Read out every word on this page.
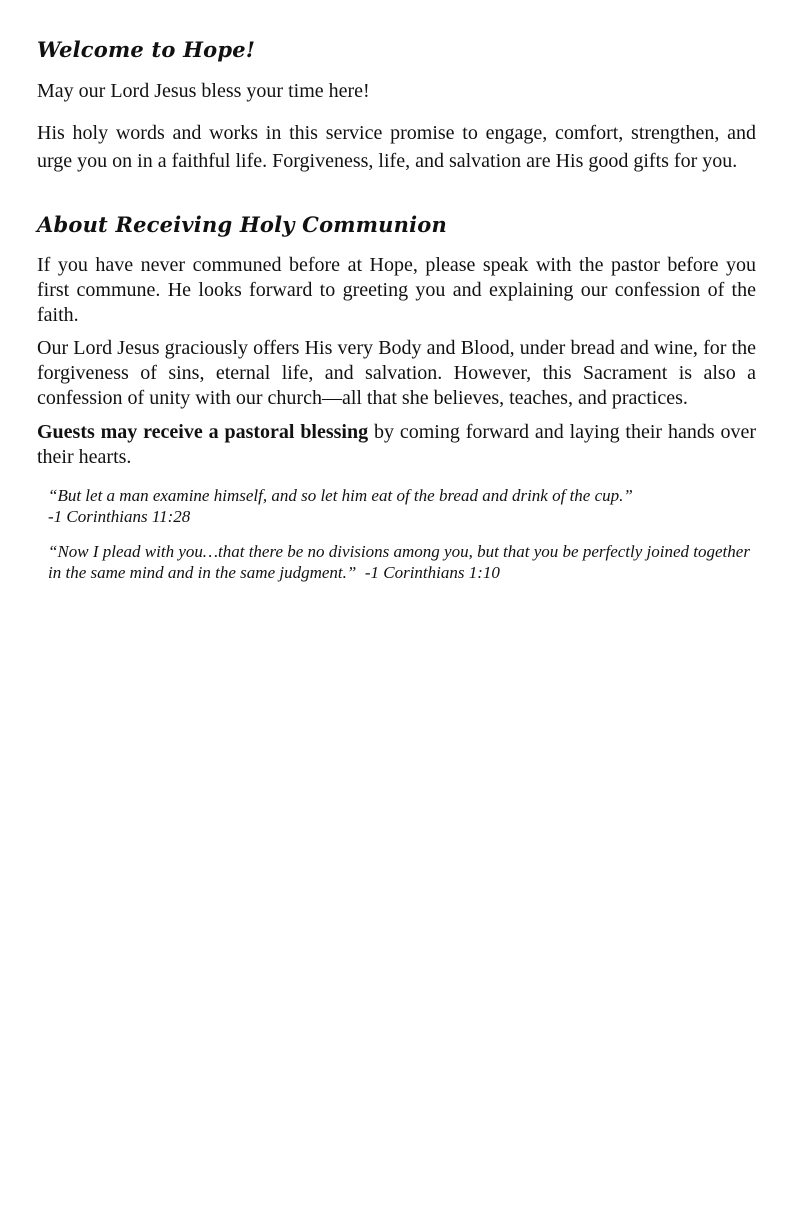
Welcome to Hope!

May our Lord Jesus bless your time here!

His holy words and works in this service promise to engage, comfort, strengthen, and urge you on in a faithful life. Forgiveness, life, and salvation are His good gifts for you.

About Receiving Holy Communion

If you have never communed before at Hope, please speak with the pastor before you first commune. He looks forward to greeting you and explaining our confession of the faith.

Our Lord Jesus graciously offers His very Body and Blood, under bread and wine, for the forgiveness of sins, eternal life, and salvation. However, this Sacrament is also a confession of unity with our church—all that she believes, teaches, and practices.

Guests may receive a pastoral blessing by coming forward and laying their hands over their hearts.

“But let a man examine himself, and so let him eat of the bread and drink of the cup.”
-1 Corinthians 11:28

“Now I plead with you…that there be no divisions among you, but that you be perfectly joined together in the same mind and in the same judgment.” -1 Corinthians 1:10
